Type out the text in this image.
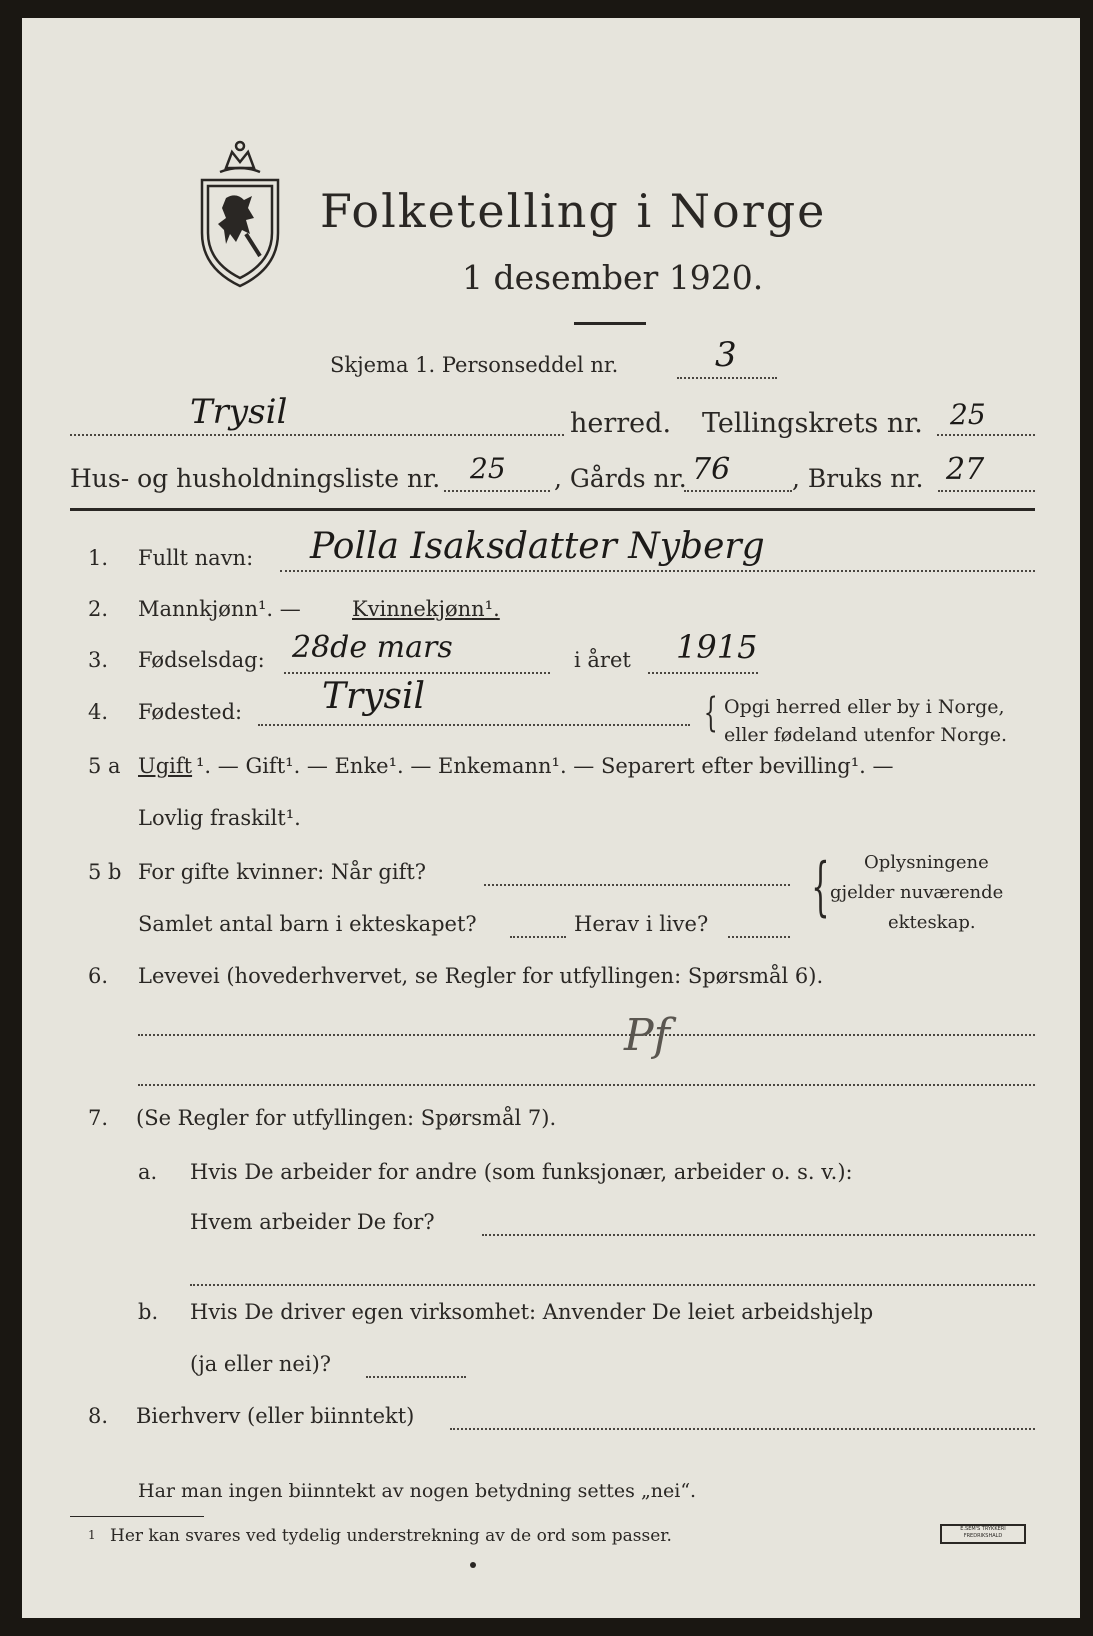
Folketelling i Norge
1 desember 1920.
Skjema 1. Personseddel nr.	3
Trysil	herred. Tellingskrets nr. 25
Hus- og husholdningsliste nr. 25 , Gårds nr. 76 , Bruks nr. 27
1. Fullt navn: Polla Isaksdatter Nyberg
2. Mannkjønn¹. — Kvinnekjønn¹.
3. Fødselsdag: 28de mars	i året 1915
4. Fødested: Trysil	{ Opgi herred eller by i Norge,
eller fødeland utenfor Norge.
5 a Ugift ¹. — Gift¹. — Enke¹. — Enkemann¹. — Separert efter bevilling¹. —
Lovlig fraskilt¹.
5 b For gifte kvinner: Når gift?
Samlet antal barn i ekteskapet?	Herav i live? { Oplysningene
gjelder nuværende
ekteskap.
6. Levevei (hovederhvervet, se Regler for utfyllingen: Spørsmål 6).
Pf
7. (Se Regler for utfyllingen: Spørsmål 7).
a. Hvis De arbeider for andre (som funksjonær, arbeider o. s. v.):
Hvem arbeider De for?
b. Hvis De driver egen virksomhet: Anvender De leiet arbeidshjelp
(ja eller nei)?
8. Bierhverv (eller biinntekt)
Har man ingen biinntekt av nogen betydning settes „nei“.
1 Her kan svares ved tydelig understrekning av de ord som passer.	E.SEM'S TRYKKERI
FREDRIKSHALD
